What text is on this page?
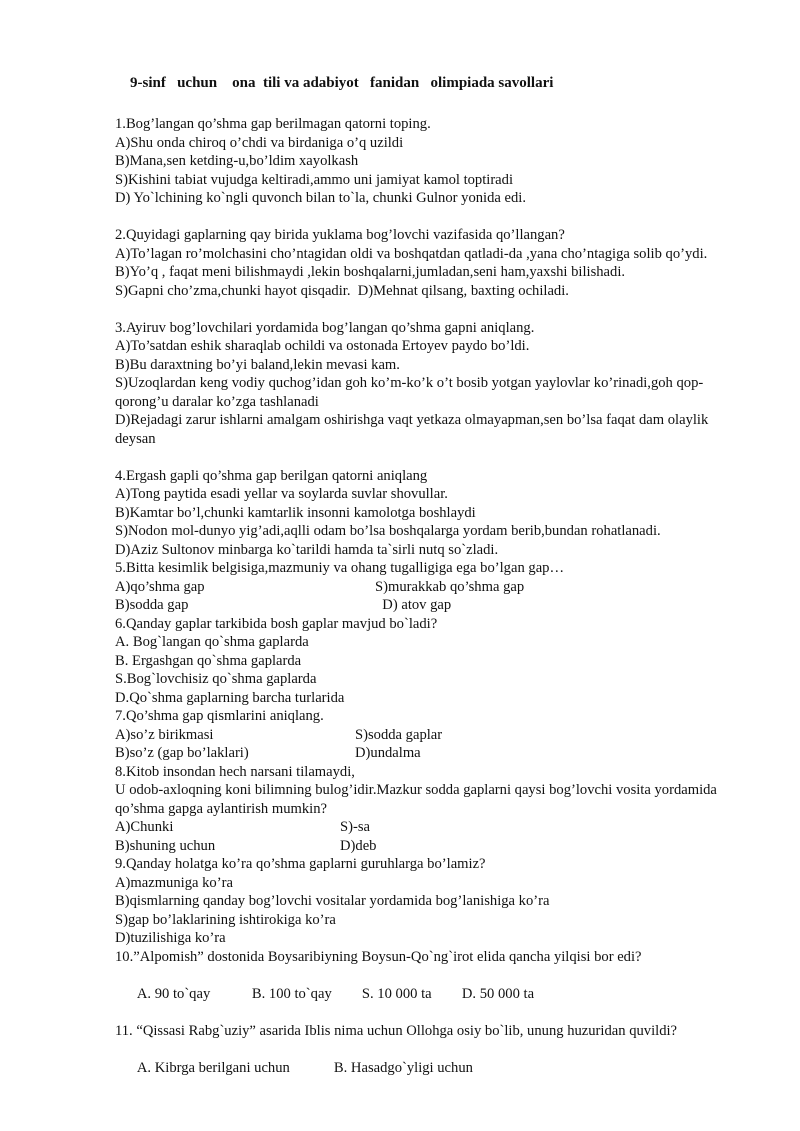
9-sinf   uchun    ona  tili va adabiyot   fanidan   olimpiada savollari

1.Bog’langan qo’shma gap berilmagan qatorni toping.

A)Shu onda chiroq o’chdi va birdaniga o’q uzildi

B)Mana,sen ketding-u,bo’ldim xayolkash

S)Kishini tabiat vujudga keltiradi,ammo uni jamiyat kamol toptiradi

D) Yo`lchining ko`ngli quvonch bilan to`la, chunki Gulnor yonida edi.

2.Quyidagi gaplarning qay birida yuklama bog’lovchi vazifasida qo’llangan?

A)To’lagan ro’molchasini cho’ntagidan oldi va boshqatdan qatladi-da ,yana cho’ntagiga solib qo’ydi.

B)Yo’q , faqat meni bilishmaydi ,lekin boshqalarni,jumladan,seni ham,yaxshi bilishadi.

S)Gapni cho’zma,chunki hayot qisqadir.  D)Mehnat qilsang, baxting ochiladi.

3.Ayiruv bog’lovchilari yordamida bog’langan qo’shma gapni aniqlang.

A)To’satdan eshik sharaqlab ochildi va ostonada Ertoyev paydo bo’ldi.

B)Bu daraxtning bo’yi baland,lekin mevasi kam.

S)Uzoqlardan keng vodiy quchog’idan goh ko’m-ko’k o’t bosib yotgan yaylovlar ko’rinadi,goh qop-qorong’u daralar ko’zga tashlanadi

D)Rejadagi zarur ishlarni amalgam oshirishga vaqt yetkaza olmayapman,sen bo’lsa faqat dam olaylik deysan

4.Ergash gapli qo’shma gap berilgan qatorni aniqlang

A)Tong paytida esadi yellar va soylarda suvlar shovullar.

B)Kamtar bo’l,chunki kamtarlik insonni kamolotga boshlaydi

S)Nodon mol-dunyo yig’adi,aqlli odam bo’lsa boshqalarga yordam berib,bundan rohatlanadi.

D)Aziz Sultonov minbarga ko`tarildi hamda ta`sirli nutq so`zladi.

5.Bitta kesimlik belgisiga,mazmuniy va ohang tugalligiga ega bo’lgan gap…

A)qo’shma gap	S)murakkab qo’shma gap
B)sodda gap	D) atov gap

6.Qanday gaplar tarkibida bosh gaplar mavjud bo`ladi?

A. Bog`langan qo`shma gaplarda

B. Ergashgan qo`shma gaplarda

S.Bog`lovchisiz qo`shma gaplarda

D.Qo`shma gaplarning barcha turlarida

7.Qo’shma gap qismlarini aniqlang.

A)so’z birikmasi	S)sodda gaplar
B)so’z (gap bo’laklari)	D)undalma

8.Kitob insondan hech narsani tilamaydi,

U odob-axloqning koni bilimning bulog’idir.Mazkur sodda gaplarni qaysi bog’lovchi vosita yordamida qo’shma gapga aylantirish mumkin?

A)Chunki	S)-sa
B)shuning uchun	D)deb

9.Qanday holatga ko’ra qo’shma gaplarni guruhlarga bo’lamiz?

A)mazmuniga ko’ra

B)qismlarning qanday bog’lovchi vositalar yordamida bog’lanishiga ko’ra

S)gap bo’laklarining ishtirokiga ko’ra

D)tuzilishiga ko’ra

10.”Alpomish” dostonida Boysaribiyning Boysun-Qo`ng`irot elida qancha yilqisi bor edi?

A. 90 to`qay	B. 100 to`qay S. 10 000 ta D. 50 000 ta

11. “Qissasi Rabg`uziy” asarida Iblis nima uchun Ollohga osiy bo`lib, unung huzuridan quvildi?

A. Kibrga berilgani uchun	B. Hasadgo`yligi uchun
